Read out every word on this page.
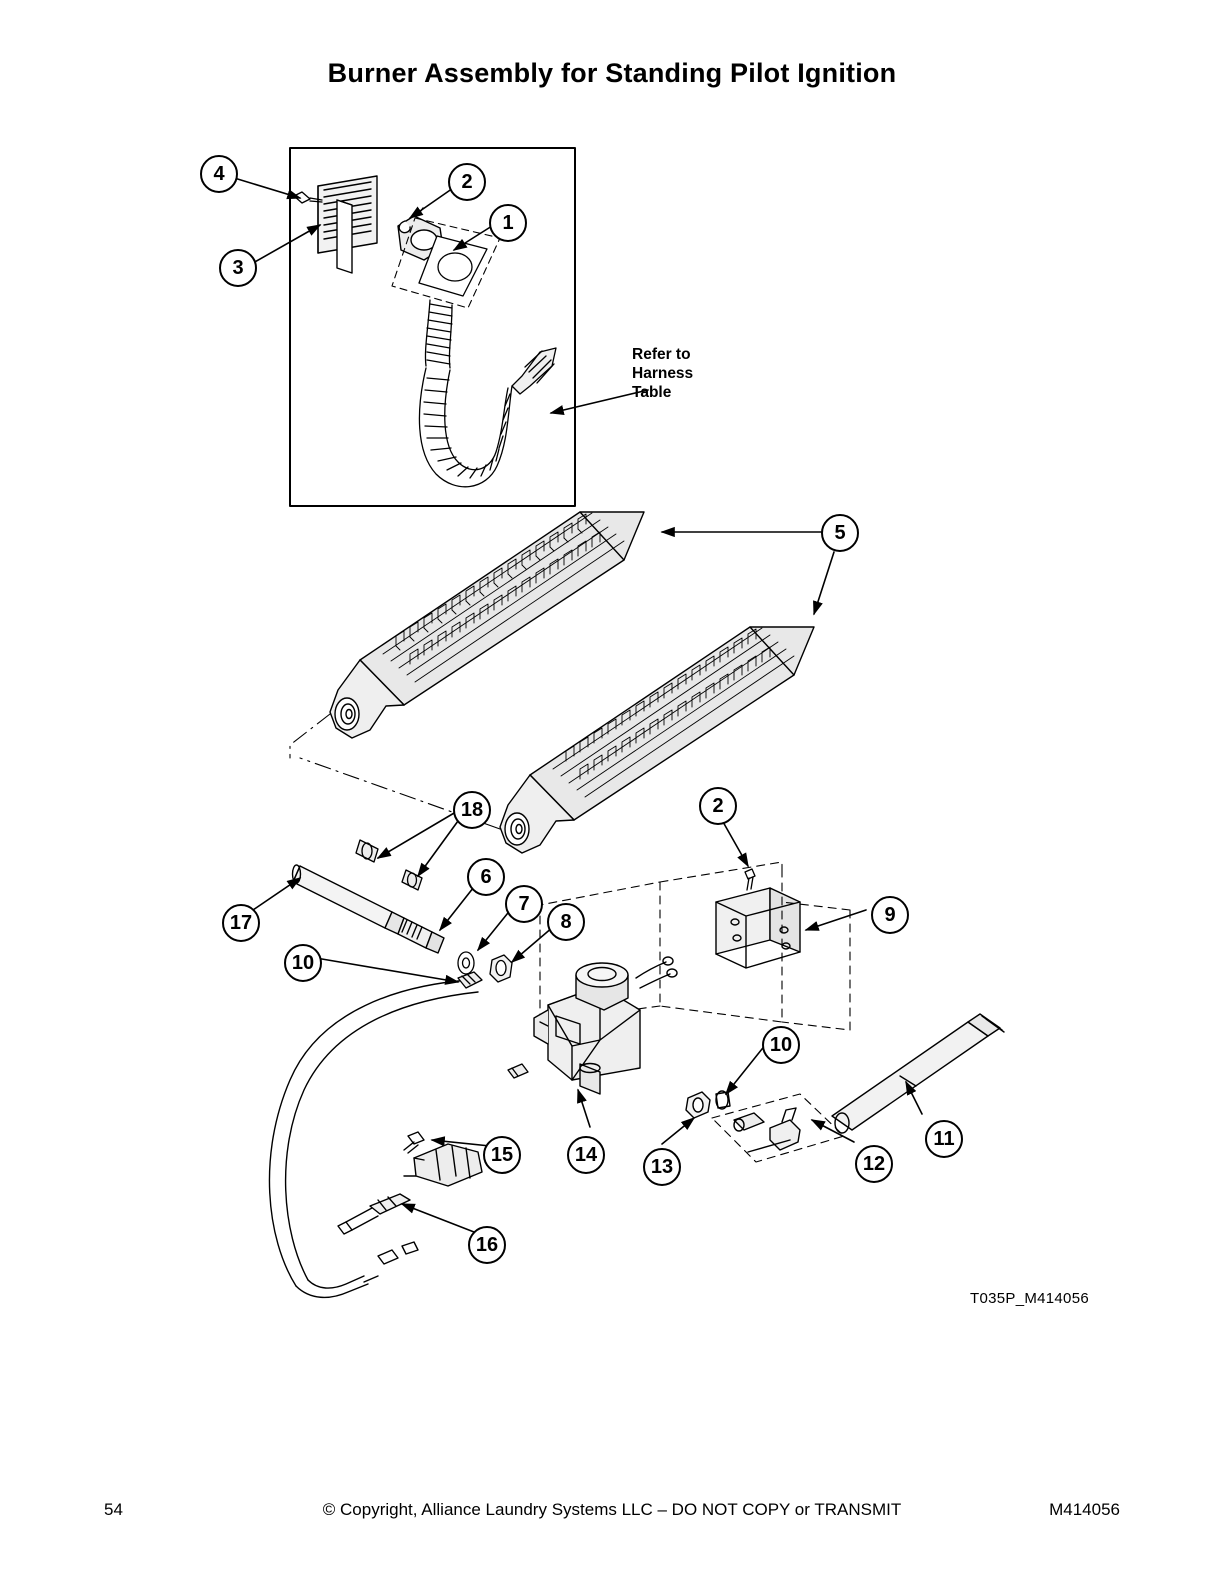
Burner Assembly for Standing Pilot Ignition
4	2
1
3
5
18	2
6
7
8	9
17
10
10
15	14
13	12
11
16
Refer to
Harness
Table
T035P_M414056
54	© Copyright, Alliance Laundry Systems LLC – DO NOT COPY or TRANSMIT	M414056
